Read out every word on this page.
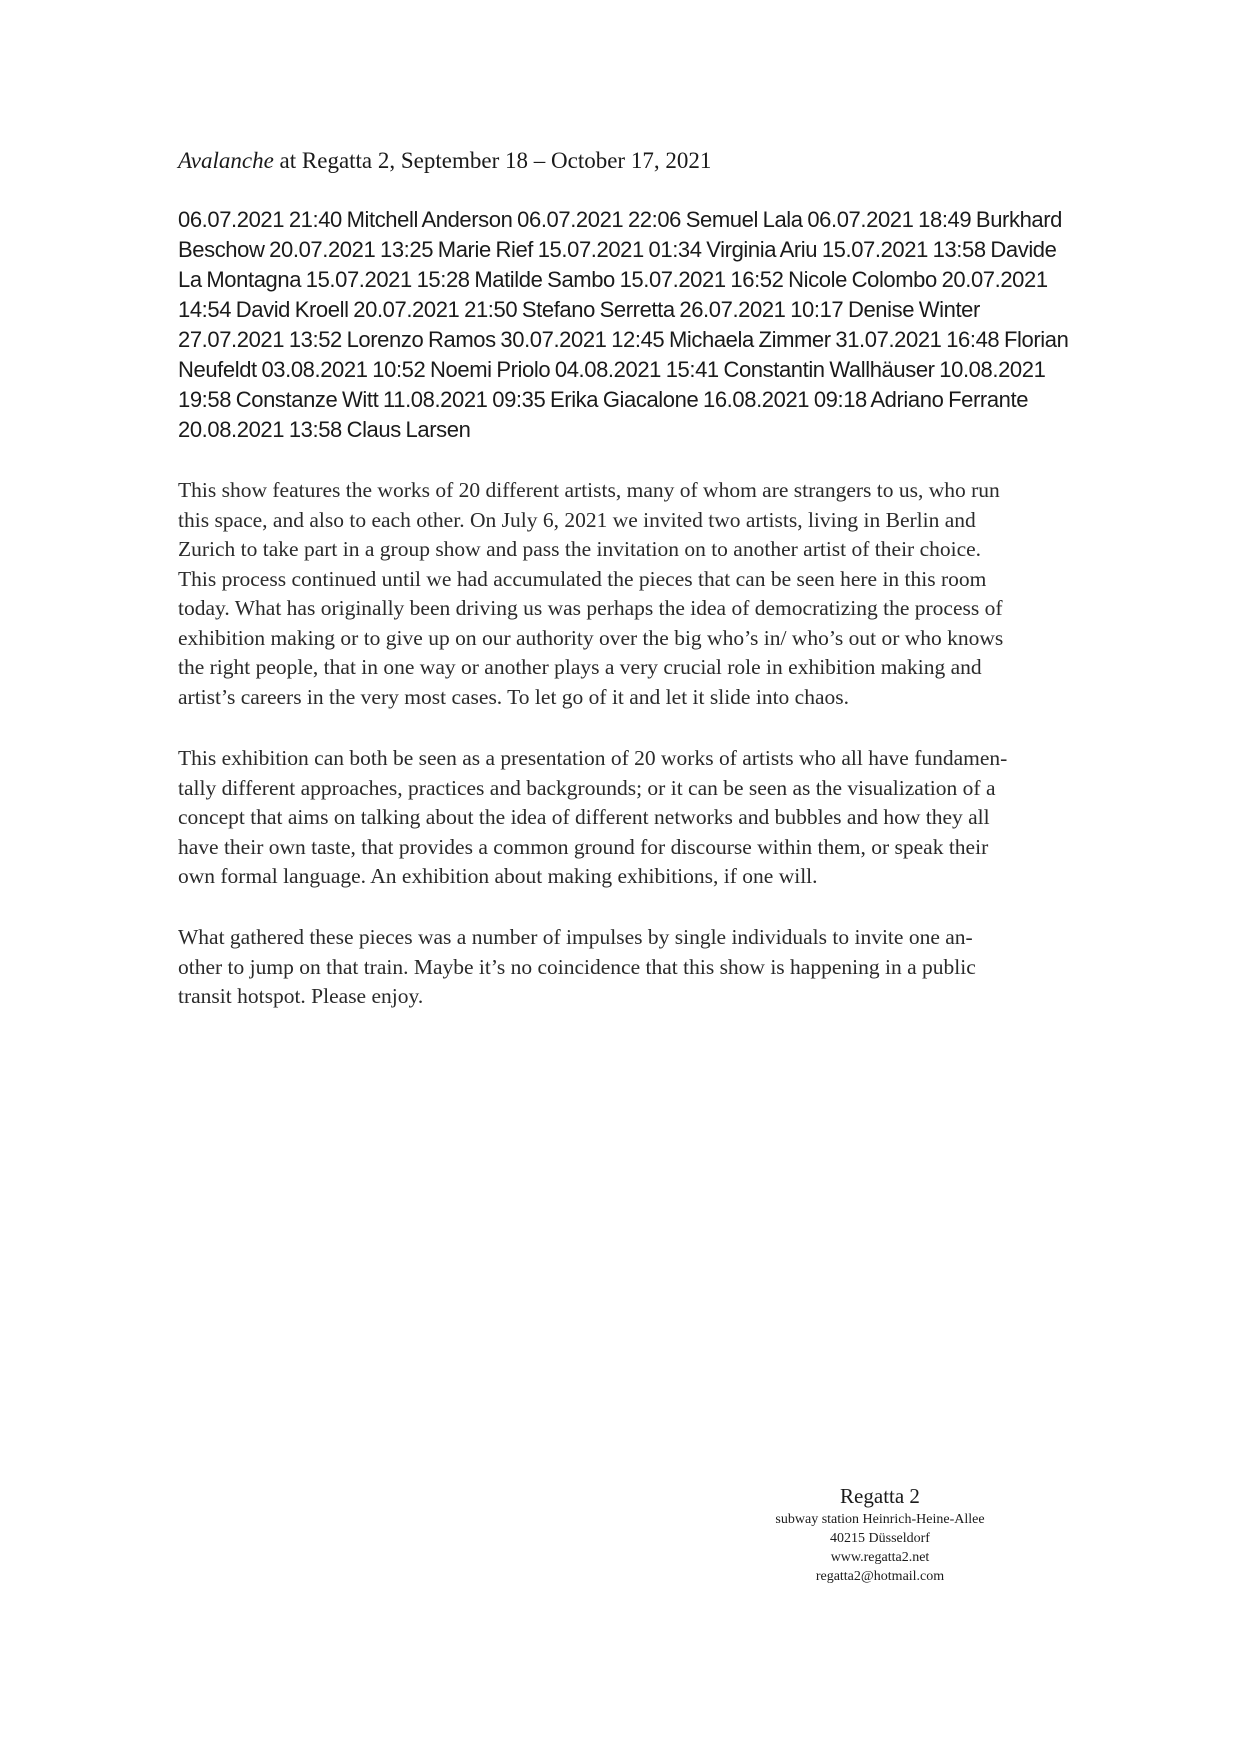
Avalanche at Regatta 2, September 18 – October 17, 2021
06.07.2021 21:40 Mitchell Anderson 06.07.2021 22:06 Semuel Lala 06.07.2021 18:49 Burkhard
Beschow 20.07.2021 13:25 Marie Rief 15.07.2021 01:34 Virginia Ariu 15.07.2021 13:58 Davide
La Montagna 15.07.2021 15:28 Matilde Sambo 15.07.2021 16:52 Nicole Colombo 20.07.2021
14:54 David Kroell 20.07.2021 21:50 Stefano Serretta 26.07.2021 10:17 Denise Winter
27.07.2021 13:52 Lorenzo Ramos 30.07.2021 12:45 Michaela Zimmer 31.07.2021 16:48 Florian
Neufeldt 03.08.2021 10:52 Noemi Priolo 04.08.2021 15:41 Constantin Wallhäuser 10.08.2021
19:58 Constanze Witt 11.08.2021 09:35 Erika Giacalone 16.08.2021 09:18 Adriano Ferrante
20.08.2021 13:58 Claus Larsen
This show features the works of 20 different artists, many of whom are strangers to us, who run
this space, and also to each other. On July 6, 2021 we invited two artists, living in Berlin and
Zurich to take part in a group show and pass the invitation on to another artist of their choice.
This process continued until we had accumulated the pieces that can be seen here in this room
today. What has originally been driving us was perhaps the idea of democratizing the process of
exhibition making or to give up on our authority over the big who’s in/ who’s out or who knows
the right people, that in one way or another plays a very crucial role in exhibition making and
artist’s careers in the very most cases. To let go of it and let it slide into chaos.
This exhibition can both be seen as a presentation of 20 works of artists who all have fundamen-
tally different approaches, practices and backgrounds; or it can be seen as the visualization of a
concept that aims on talking about the idea of different networks and bubbles and how they all
have their own taste, that provides a common ground for discourse within them, or speak their
own formal language. An exhibition about making exhibitions, if one will.
What gathered these pieces was a number of impulses by single individuals to invite one an-
other to jump on that train. Maybe it’s no coincidence that this show is happening in a public
transit hotspot. Please enjoy.
Regatta 2
subway station Heinrich-Heine-Allee
40215 Düsseldorf
www.regatta2.net
regatta2@hotmail.com
